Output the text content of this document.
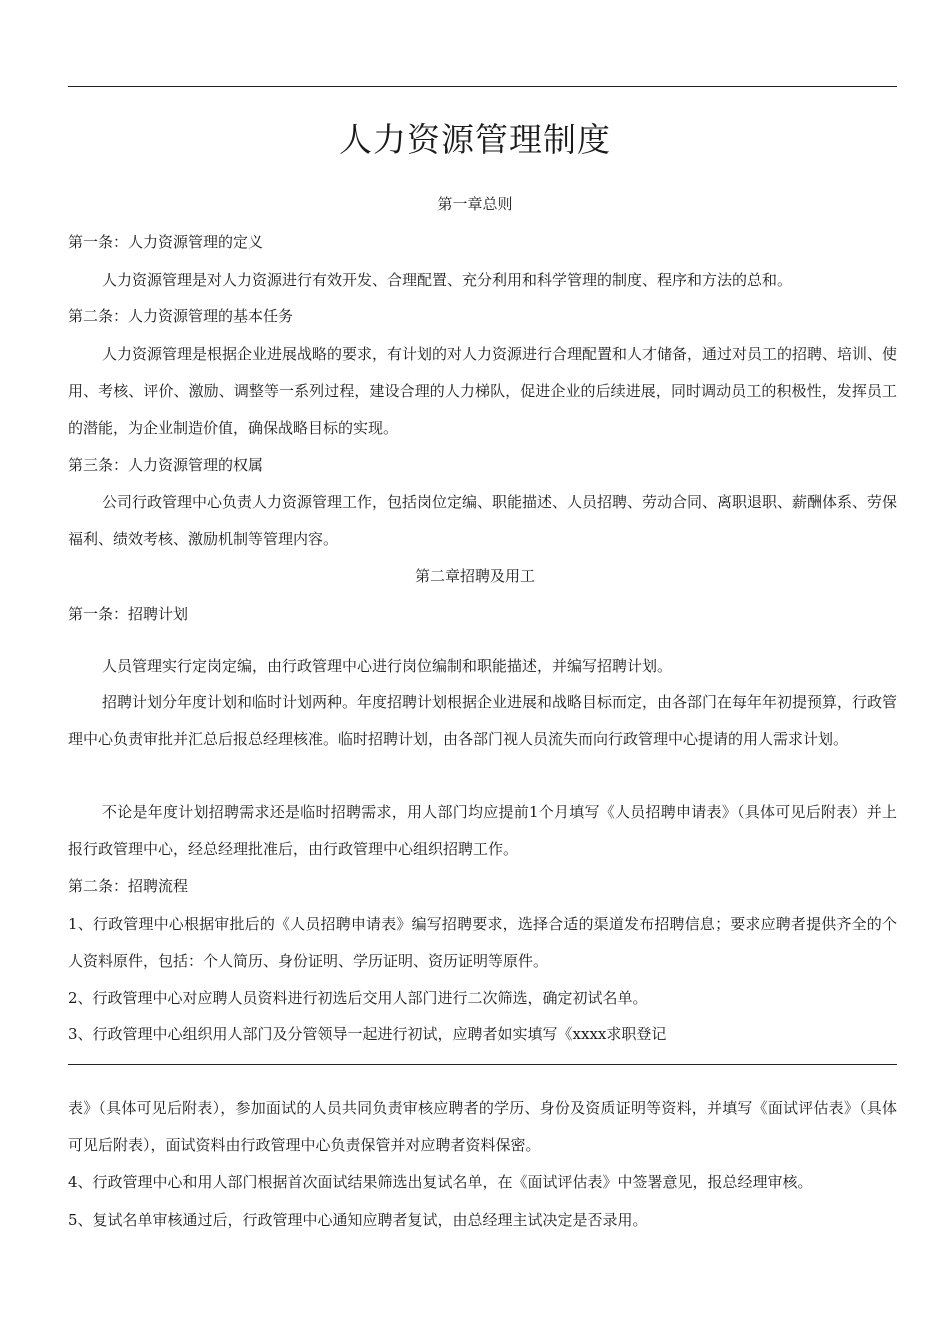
人力资源管理制度
第一章总则
第一条：人力资源管理的定义
人力资源管理是对人力资源进行有效开发、合理配置、充分利用和科学管理的制度、程序和方法的总和。
第二条：人力资源管理的基本任务
人力资源管理是根据企业进展战略的要求，有计划的对人力资源进行合理配置和人才储备，通过对员工的招聘、培训、使用、考核、评价、激励、调整等一系列过程，建设合理的人力梯队，促进企业的后续进展，同时调动员工的积极性，发挥员工的潜能，为企业制造价值，确保战略目标的实现。
第三条：人力资源管理的权属
公司行政管理中心负责人力资源管理工作，包括岗位定编、职能描述、人员招聘、劳动合同、离职退职、薪酬体系、劳保福利、绩效考核、激励机制等管理内容。
第二章招聘及用工
第一条：招聘计划
人员管理实行定岗定编，由行政管理中心进行岗位编制和职能描述，并编写招聘计划。
招聘计划分年度计划和临时计划两种。年度招聘计划根据企业进展和战略目标而定，由各部门在每年年初提预算，行政管理中心负责审批并汇总后报总经理核准。临时招聘计划，由各部门视人员流失而向行政管理中心提请的用人需求计划。
不论是年度计划招聘需求还是临时招聘需求，用人部门均应提前1个月填写《人员招聘申请表》（具体可见后附表）并上报行政管理中心，经总经理批准后，由行政管理中心组织招聘工作。
第二条：招聘流程
1、行政管理中心根据审批后的《人员招聘申请表》编写招聘要求，选择合适的渠道发布招聘信息；要求应聘者提供齐全的个人资料原件，包括：个人简历、身份证明、学历证明、资历证明等原件。
2、行政管理中心对应聘人员资料进行初选后交用人部门进行二次筛选，确定初试名单。
3、行政管理中心组织用人部门及分管领导一起进行初试，应聘者如实填写《xxxx求职登记
表》（具体可见后附表），参加面试的人员共同负责审核应聘者的学历、身份及资质证明等资料，并填写《面试评估表》（具体可见后附表），面试资料由行政管理中心负责保管并对应聘者资料保密。
4、行政管理中心和用人部门根据首次面试结果筛选出复试名单，在《面试评估表》中签署意见，报总经理审核。
5、复试名单审核通过后，行政管理中心通知应聘者复试，由总经理主试决定是否录用。
